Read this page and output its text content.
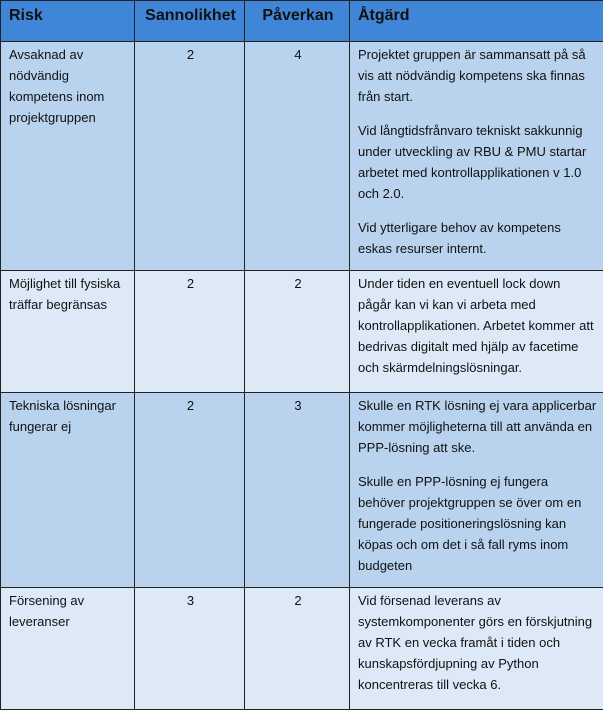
Risk	Sannolikhet	Påverkan	Åtgärd
Avsaknad av nödvändig kompetens inom projektgruppen	2	4	Projektet gruppen är sammansatt på så vis att nödvändig kompetens ska finnas från start.

Vid långtidsfrånvaro tekniskt sakkunnig under utveckling av RBU & PMU startar arbetet med kontrollapplikationen v 1.0 och 2.0.

Vid ytterligare behov av kompetens eskas resurser internt.

Möjlighet till fysiska träffar begränsas	2	2	Under tiden en eventuell lock down pågår kan vi kan vi arbeta med kontrollapplikationen. Arbetet kommer att bedrivas digitalt med hjälp av facetime och skärmdelningslösningar.

Tekniska lösningar fungerar ej	2	3	Skulle en RTK lösning ej vara applicerbar kommer möjligheterna till att använda en PPP-lösning att ske.

Skulle en PPP-lösning ej fungera behöver projektgruppen se över om en fungerade positioneringslösning kan köpas och om det i så fall ryms inom budgeten

Försening av leveranser	3	2	Vid försenad leverans av systemkomponenter görs en förskjutning av RTK en vecka framåt i tiden och kunskapsfördjupning av Python koncentreras till vecka 6.
